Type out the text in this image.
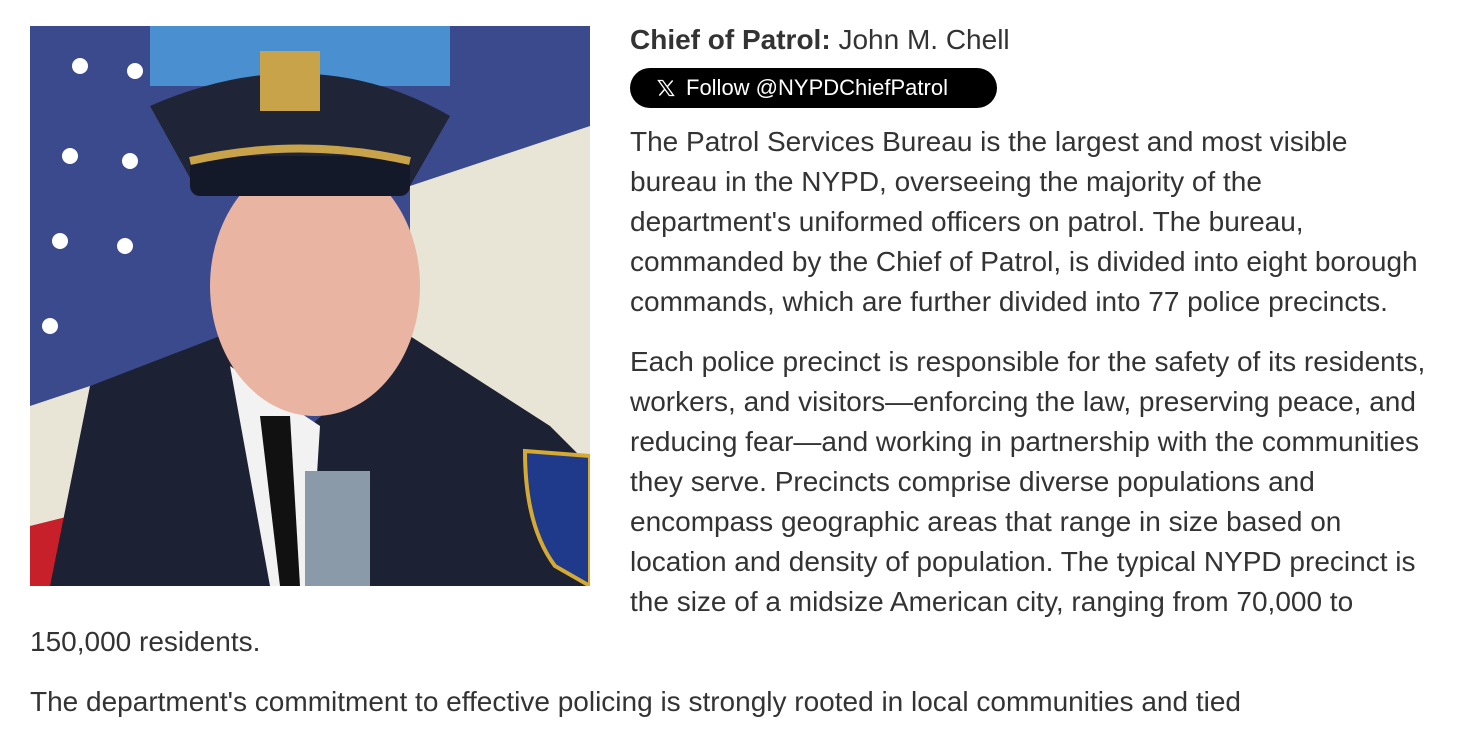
Chief of Patrol: John M. Chell
Follow @NYPDChiefPatrol

The Patrol Services Bureau is the largest and most visible bureau in the NYPD, overseeing the majority of the department's uniformed officers on patrol. The bureau, commanded by the Chief of Patrol, is divided into eight borough commands, which are further divided into 77 police precincts.

Each police precinct is responsible for the safety of its residents, workers, and visitors—enforcing the law, preserving peace, and reducing fear—and working in partnership with the communities they serve. Precincts comprise diverse populations and encompass geographic areas that range in size based on location and density of population. The typical NYPD precinct is the size of a midsize American city, ranging from 70,000 to 150,000 residents.

The department's commitment to effective policing is strongly rooted in local communities and tied
